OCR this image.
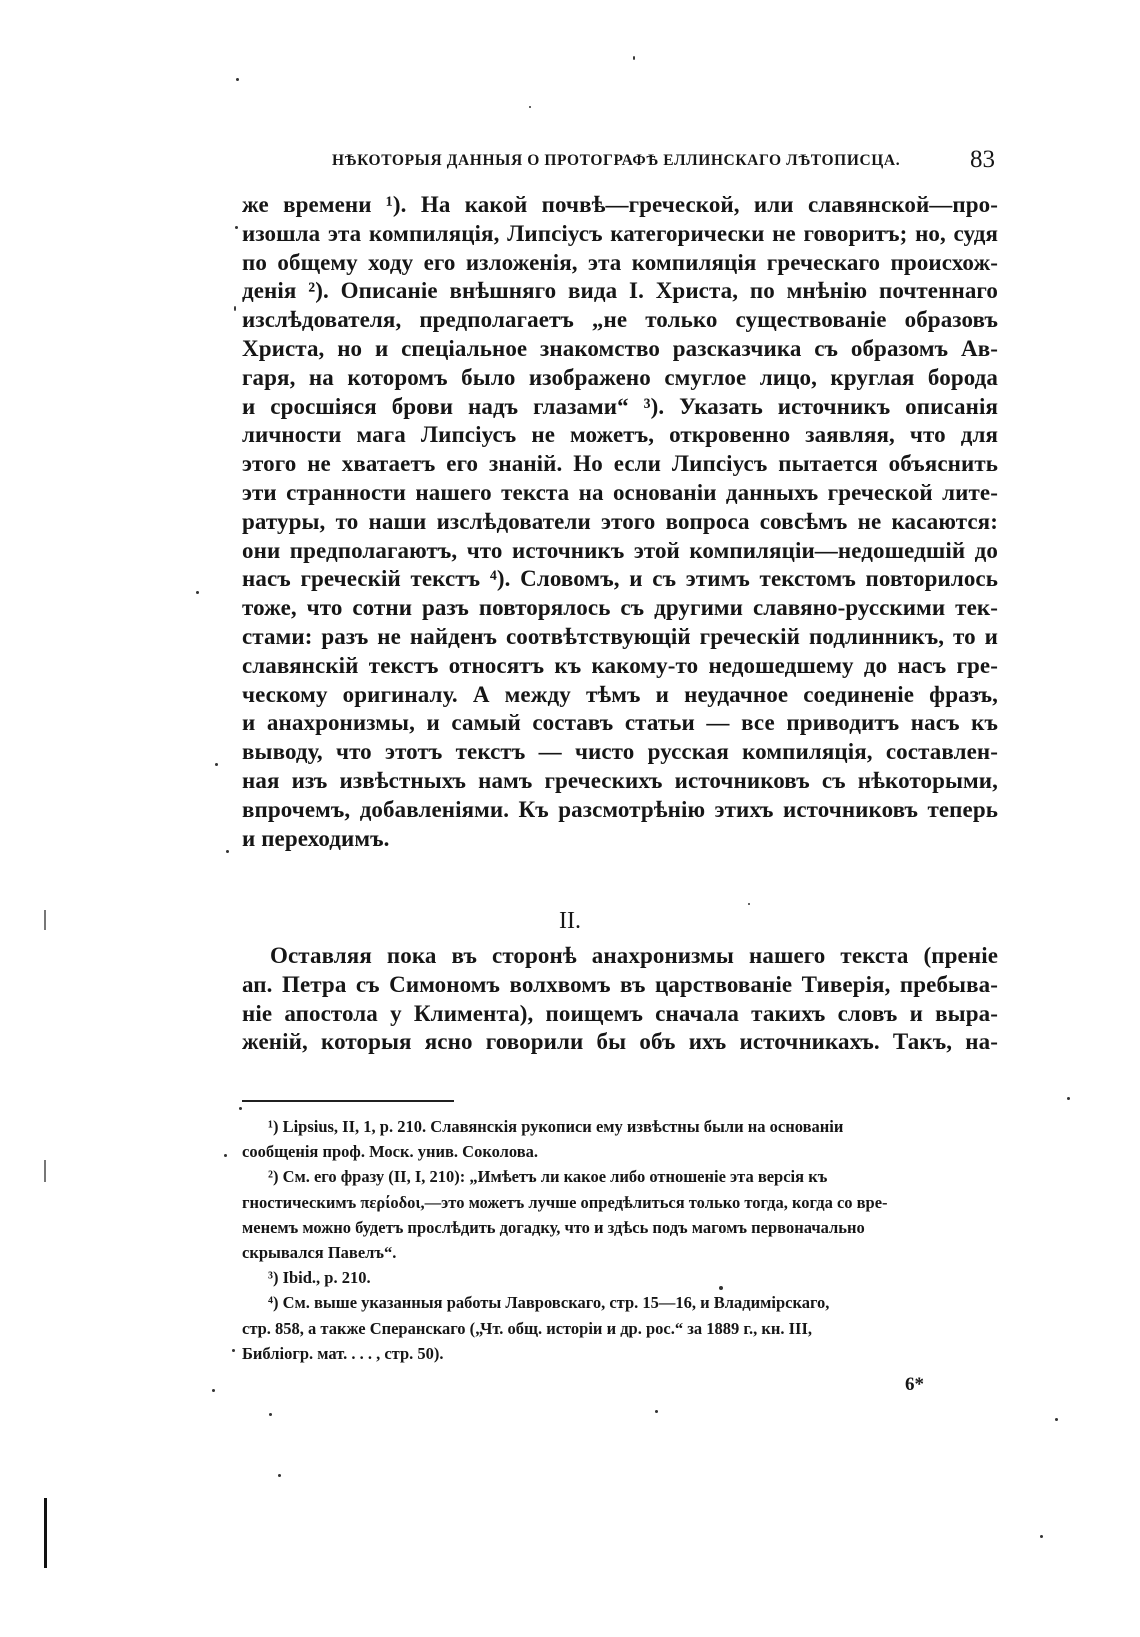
НѢКОТОРЫЯ ДАННЫЯ О ПРОТОГРАФѢ ЕЛЛИНСКАГО ЛѢТОПИСЦА.	83
же времени ¹). На какой почвѣ—греческой, или славянской—про-
изошла эта компиляція, Липсіусъ категорически не говоритъ; но, судя
по общему ходу его изложенія, эта компиляція греческаго происхож-
денія ²). Описаніе внѣшняго вида I. Христа, по мнѣнію почтеннаго
изслѣдователя, предполагаетъ „не только существованіе образовъ
Христа, но и спеціальное знакомство разсказчика съ образомъ Ав-
гаря, на которомъ было изображено смуглое лицо, круглая борода
и сросшіяся брови надъ глазами“ ³). Указать источникъ описанія
личности мага Липсіусъ не можетъ, откровенно заявляя, что для
этого не хватаетъ его знаній. Но если Липсіусъ пытается объяснить
эти странности нашего текста на основаніи данныхъ греческой лите-
ратуры, то наши изслѣдователи этого вопроса совсѣмъ не касаются:
они предполагаютъ, что источникъ этой компиляціи—недошедшій до
насъ греческій текстъ ⁴). Словомъ, и съ этимъ текстомъ повторилось
тоже, что сотни разъ повторялось съ другими славяно-русскими тек-
стами: разъ не найденъ соотвѣтствующій греческій подлинникъ, то и
славянскій текстъ относятъ къ какому-то недошедшему до насъ гре-
ческому оригиналу. А между тѣмъ и неудачное соединеніе фразъ,
и анахронизмы, и самый составъ статьи — все приводитъ насъ къ
выводу, что этотъ текстъ — чисто русская компиляція, составлен-
ная изъ извѣстныхъ намъ греческихъ источниковъ съ нѣкоторыми,
впрочемъ, добавленіями. Къ разсмотрѣнію этихъ источниковъ теперь
и переходимъ.
II.
Оставляя пока въ сторонѣ анахронизмы нашего текста (преніе
ап. Петра съ Симономъ волхвомъ въ царствованіе Тиверія, пребыва-
ніе апостола у Климента), поищемъ сначала такихъ словъ и выра-
женій, которыя ясно говорили бы объ ихъ источникахъ. Такъ, на-
¹) Lipsius, II, 1, p. 210. Славянскія рукописи ему извѣстны были на основаніи
сообщенія проф. Моск. унив. Соколова.
²) См. его фразу (II, I, 210): „Имѣетъ ли какое либо отношеніе эта версія къ
гностическимъ περίοδοι,—это можетъ лучше опредѣлиться только тогда, когда со вре-
менемъ можно будетъ прослѣдить догадку, что и здѣсь подъ магомъ первоначально
скрывался Павелъ“.
³) Ibid., p. 210.
⁴) См. выше указанныя работы Лавровскаго, стр. 15—16, и Владимірскаго,
стр. 858, а также Сперанскаго („Чт. общ. исторіи и др. рос.“ за 1889 г., кн. III,
Библіогр. мат. . . . , стр. 50).
6*
